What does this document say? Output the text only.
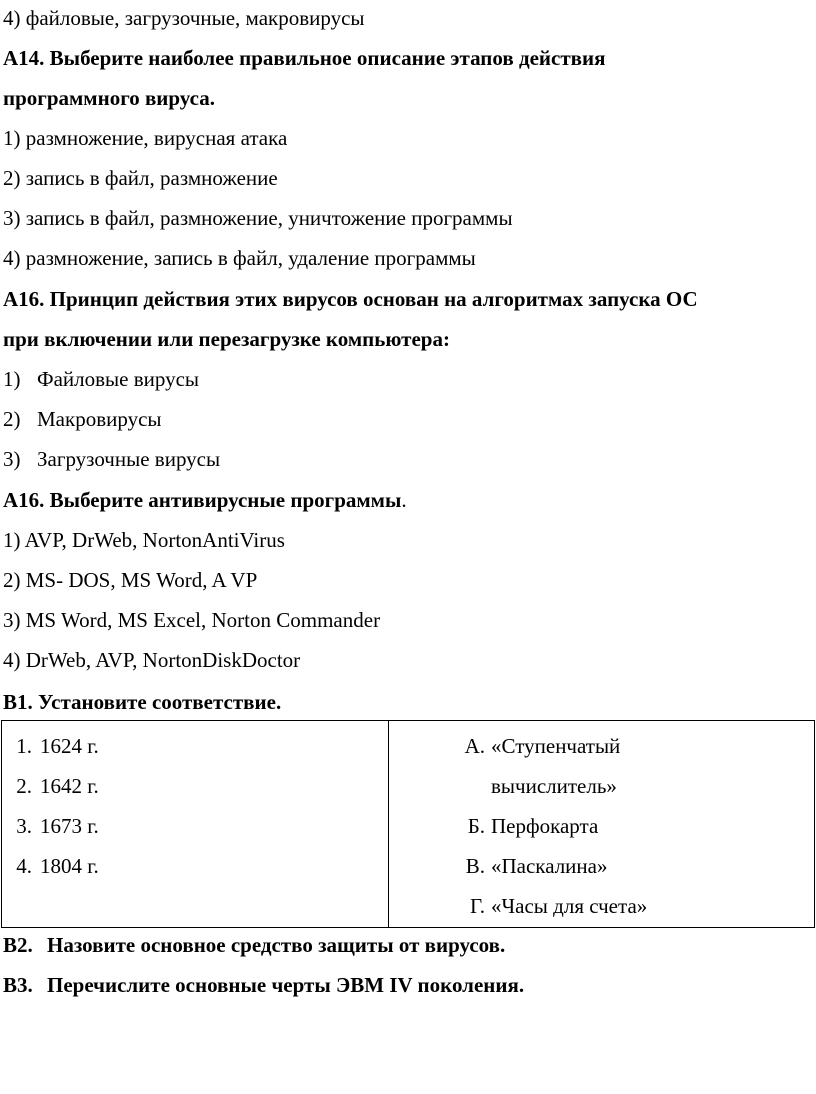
4) файловые, загрузочные, макровирусы
А14. Выберите наиболее правильное описание этапов действия
программного вируса.
1) размножение, вирусная атака
2) запись в файл, размножение
3) запись в файл, размножение, уничтожение программы
4) размножение, запись в файл, удаление программы
А16. Принцип действия этих вирусов основан на алгоритмах запуска ОС
при включении или перезагрузке компьютера:
1) Файловые вирусы
2) Макровирусы
3) Загрузочные вирусы
А16. Выберите антивирусные программы.
1) AVP, DrWeb, NortonAntiVirus
2) MS- DOS, MS Word, A VP
3) MS Word, MS Excel, Norton Commander
4) DrWeb, AVP, NortonDiskDoctor
В1. Установите соответствие.
1. 1624 г.
2. 1642 г.
3. 1673 г.
4. 1804 г.
А. «Ступенчатый
вычислитель»
Б. Перфокарта
В. «Паскалина»
Г. «Часы для счета»
В2. Назовите основное средство защиты от вирусов.
В3. Перечислите основные черты ЭВМ IV поколения.
